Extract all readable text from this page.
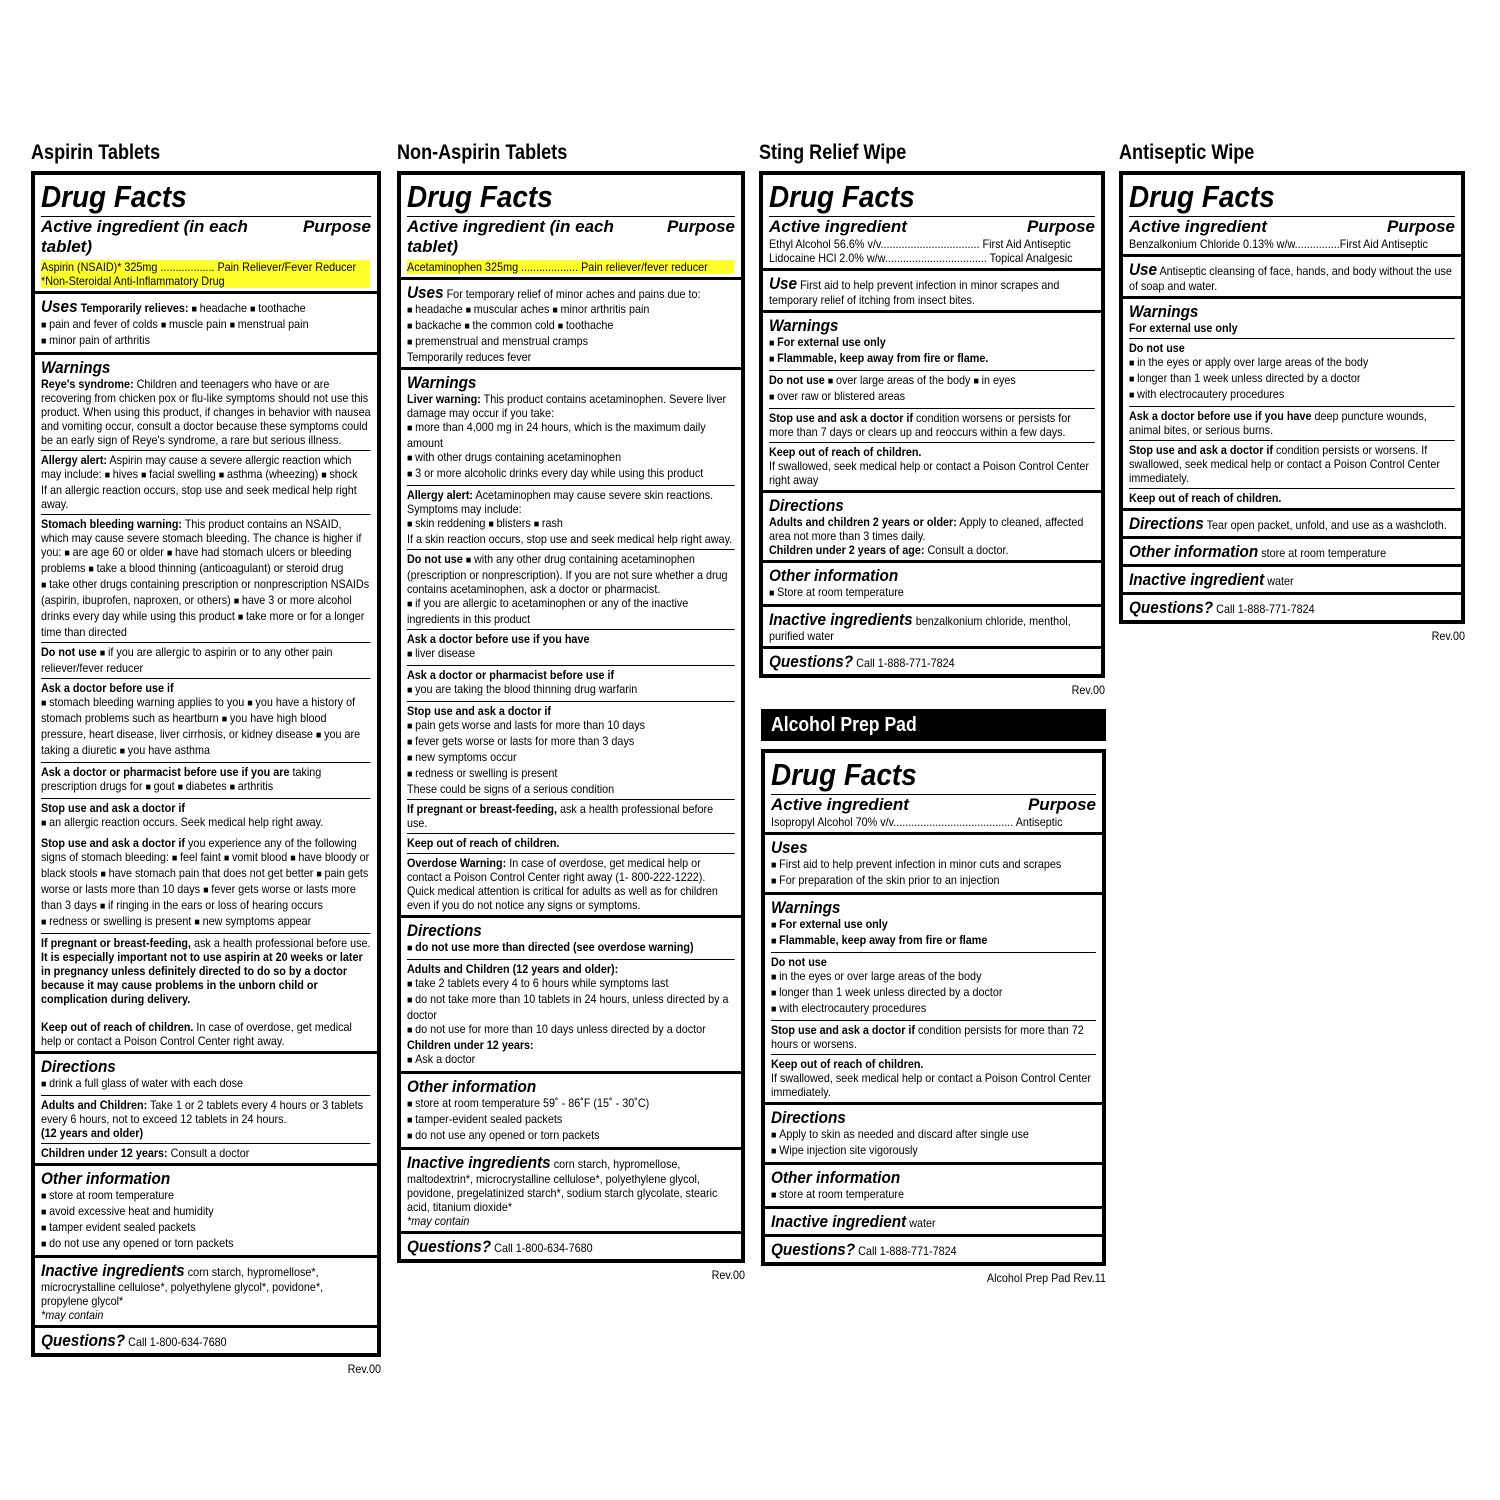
Aspirin Tablets
Drug Facts
Active ingredient (in each tablet)
Purpose
Aspirin (NSAID)* 325mg .................. Pain Reliever/Fever Reducer
*Non-Steroidal Anti-Inflammatory Drug
Uses Temporarily relieves: ■ headache ■ toothache
■ pain and fever of colds ■ muscle pain ■ menstrual pain
■ minor pain of arthritis
Warnings
Reye's syndrome: Children and teenagers who have or are recovering from chicken pox or flu-like symptoms should not use this product. When using this product, if changes in behavior with nausea and vomiting occur, consult a doctor because these symptoms could be an early sign of Reye's syndrome, a rare but serious illness.
Allergy alert: Aspirin may cause a severe allergic reaction which may include: ■ hives ■ facial swelling ■ asthma (wheezing) ■ shock
If an allergic reaction occurs, stop use and seek medical help right away.
Stomach bleeding warning: This product contains an NSAID, which may cause severe stomach bleeding. The chance is higher if you: ■ are age 60 or older ■ have had stomach ulcers or bleeding problems ■ take a blood thinning (anticoagulant) or steroid drug ■ take other drugs containing prescription or nonprescription NSAIDs (aspirin, ibuprofen, naproxen, or others) ■ have 3 or more alcohol drinks every day while using this product ■ take more or for a longer time than directed
Do not use ■ if you are allergic to aspirin or to any other pain reliever/fever reducer
Ask a doctor before use if
■ stomach bleeding warning applies to you ■ you have a history of stomach problems such as heartburn ■ you have high blood pressure, heart disease, liver cirrhosis, or kidney disease ■ you are taking a diuretic ■ you have asthma
Ask a doctor or pharmacist before use if you are taking prescription drugs for ■ gout ■ diabetes ■ arthritis
Stop use and ask a doctor if
■ an allergic reaction occurs. Seek medical help right away.
Stop use and ask a doctor if you experience any of the following signs of stomach bleeding: ■ feel faint ■ vomit blood ■ have bloody or black stools ■ have stomach pain that does not get better ■ pain gets worse or lasts more than 10 days ■ fever gets worse or lasts more than 3 days ■ if ringing in the ears or loss of hearing occurs ■ redness or swelling is present ■ new symptoms appear
If pregnant or breast-feeding, ask a health professional before use. It is especially important not to use aspirin at 20 weeks or later in pregnancy unless definitely directed to do so by a doctor because it may cause problems in the unborn child or complication during delivery.
Keep out of reach of children. In case of overdose, get medical help or contact a Poison Control Center right away.
Directions
■ drink a full glass of water with each dose
Adults and Children: Take 1 or 2 tablets every 4 hours or 3 tablets every 6 hours, not to exceed 12 tablets in 24 hours.
(12 years and older)
Children under 12 years: Consult a doctor
Other information
■ store at room temperature
■ avoid excessive heat and humidity
■ tamper evident sealed packets
■ do not use any opened or torn packets
Inactive ingredients corn starch, hypromellose*, microcrystalline cellulose*, polyethylene glycol*, povidone*, propylene glycol*
*may contain
Questions? Call 1-800-634-7680
Rev.00
Non-Aspirin Tablets
Drug Facts
Active ingredient (in each tablet)
Purpose
Acetaminophen 325mg ................... Pain reliever/fever reducer
Uses For temporary relief of minor aches and pains due to:
■ headache ■ muscular aches ■ minor arthritis pain
■ backache ■ the common cold ■ toothache
■ premenstrual and menstrual cramps
Temporarily reduces fever
Warnings
Liver warning: This product contains acetaminophen. Severe liver damage may occur if you take:
■ more than 4,000 mg in 24 hours, which is the maximum daily amount
■ with other drugs containing acetaminophen
■ 3 or more alcoholic drinks every day while using this product
Allergy alert: Acetaminophen may cause severe skin reactions. Symptoms may include:
■ skin reddening ■ blisters ■ rash
If a skin reaction occurs, stop use and seek medical help right away.
Do not use ■ with any other drug containing acetaminophen (prescription or nonprescription). If you are not sure whether a drug contains acetaminophen, ask a doctor or pharmacist.
■ if you are allergic to acetaminophen or any of the inactive ingredients in this product
Ask a doctor before use if you have
■ liver disease
Ask a doctor or pharmacist before use if
■ you are taking the blood thinning drug warfarin
Stop use and ask a doctor if
■ pain gets worse and lasts for more than 10 days
■ fever gets worse or lasts for more than 3 days
■ new symptoms occur
■ redness or swelling is present
These could be signs of a serious condition
If pregnant or breast-feeding, ask a health professional before use.
Keep out of reach of children.
Overdose Warning: In case of overdose, get medical help or contact a Poison Control Center right away (1- 800-222-1222). Quick medical attention is critical for adults as well as for children even if you do not notice any signs or symptoms.
Directions
■ do not use more than directed (see overdose warning)
Adults and Children (12 years and older):
■ take 2 tablets every 4 to 6 hours while symptoms last
■ do not take more than 10 tablets in 24 hours, unless directed by a doctor
■ do not use for more than 10 days unless directed by a doctor
Children under 12 years:
■ Ask a doctor
Other information
■ store at room temperature 59˚ - 86˚F (15˚ - 30˚C)
■ tamper-evident sealed packets
■ do not use any opened or torn packets
Inactive ingredients corn starch, hypromellose, maltodextrin*, microcrystalline cellulose*, polyethylene glycol, povidone, pregelatinized starch*, sodium starch glycolate, stearic acid, titanium dioxide*
*may contain
Questions? Call 1-800-634-7680
Rev.00
Sting Relief Wipe
Drug Facts
Active ingredient	Purpose
Ethyl Alcohol 56.6% v/v................................. First Aid Antiseptic
Lidocaine HCl 2.0% w/w.................................. Topical Analgesic
Use First aid to help prevent infection in minor scrapes and temporary relief of itching from insect bites.
Warnings
■ For external use only
■ Flammable, keep away from fire or flame.
Do not use ■ over large areas of the body ■ in eyes
■ over raw or blistered areas
Stop use and ask a doctor if condition worsens or persists for more than 7 days or clears up and reoccurs within a few days.
Keep out of reach of children.
If swallowed, seek medical help or contact a Poison Control Center right away
Directions
Adults and children 2 years or older: Apply to cleaned, affected area not more than 3 times daily.
Children under 2 years of age: Consult a doctor.
Other information
■ Store at room temperature
Inactive ingredients benzalkonium chloride, menthol, purified water
Questions? Call 1-888-771-7824
Rev.00
Alcohol Prep Pad
Drug Facts
Active ingredient	Purpose
Isopropyl Alcohol 70% v/v........................................ Antiseptic
Uses
■ First aid to help prevent infection in minor cuts and scrapes
■ For preparation of the skin prior to an injection
Warnings
■ For external use only
■ Flammable, keep away from fire or flame
Do not use
■ in the eyes or over large areas of the body
■ longer than 1 week unless directed by a doctor
■ with electrocautery procedures
Stop use and ask a doctor if condition persists for more than 72 hours or worsens.
Keep out of reach of children.
If swallowed, seek medical help or contact a Poison Control Center immediately.
Directions
■ Apply to skin as needed and discard after single use
■ Wipe injection site vigorously
Other information
■ store at room temperature
Inactive ingredient water
Questions? Call 1-888-771-7824
Alcohol Prep Pad Rev.11
Antiseptic Wipe
Drug Facts
Active ingredient	Purpose
Benzalkonium Chloride 0.13% w/w...............First Aid Antiseptic
Use Antiseptic cleansing of face, hands, and body without the use of soap and water.
Warnings
For external use only
Do not use
■ in the eyes or apply over large areas of the body
■ longer than 1 week unless directed by a doctor
■ with electrocautery procedures
Ask a doctor before use if you have deep puncture wounds, animal bites, or serious burns.
Stop use and ask a doctor if condition persists or worsens. If swallowed, seek medical help or contact a Poison Control Center immediately.
Keep out of reach of children.
Directions Tear open packet, unfold, and use as a washcloth.
Other information store at room temperature
Inactive ingredient water
Questions? Call 1-888-771-7824
Rev.00
